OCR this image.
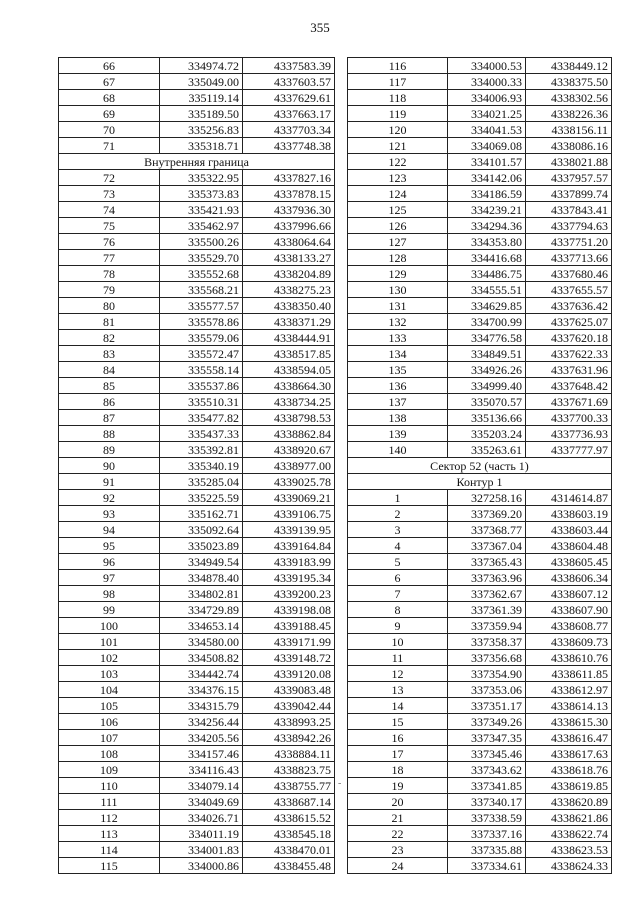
355
66	334974.72	4337583.39
67	335049.00	4337603.57
68	335119.14	4337629.61
69	335189.50	4337663.17
70	335256.83	4337703.34
71	335318.71	4337748.38
Внутренняя граница		
72	335322.95	4337827.16
73	335373.83	4337878.15
74	335421.93	4337936.30
75	335462.97	4337996.66
76	335500.26	4338064.64
77	335529.70	4338133.27
78	335552.68	4338204.89
79	335568.21	4338275.23
80	335577.57	4338350.40
81	335578.86	4338371.29
82	335579.06	4338444.91
83	335572.47	4338517.85
84	335558.14	4338594.05
85	335537.86	4338664.30
86	335510.31	4338734.25
87	335477.82	4338798.53
88	335437.33	4338862.84
89	335392.81	4338920.67
90	335340.19	4338977.00
91	335285.04	4339025.78
92	335225.59	4339069.21
93	335162.71	4339106.75
94	335092.64	4339139.95
95	335023.89	4339164.84
96	334949.54	4339183.99
97	334878.40	4339195.34
98	334802.81	4339200.23
99	334729.89	4339198.08
100	334653.14	4339188.45
101	334580.00	4339171.99
102	334508.82	4339148.72
103	334442.74	4339120.08
104	334376.15	4339083.48
105	334315.79	4339042.44
106	334256.44	4338993.25
107	334205.56	4338942.26
108	334157.46	4338884.11
109	334116.43	4338823.75
110	334079.14	4338755.77
111	334049.69	4338687.14
112	334026.71	4338615.52
113	334011.19	4338545.18
114	334001.83	4338470.01
115	334000.86	4338455.48
116	334000.53	4338449.12
117	334000.33	4338375.50
118	334006.93	4338302.56
119	334021.25	4338226.36
120	334041.53	4338156.11
121	334069.08	4338086.16
122	334101.57	4338021.88
123	334142.06	4337957.57
124	334186.59	4337899.74
125	334239.21	4337843.41
126	334294.36	4337794.63
127	334353.80	4337751.20
128	334416.68	4337713.66
129	334486.75	4337680.46
130	334555.51	4337655.57
131	334629.85	4337636.42
132	334700.99	4337625.07
133	334776.58	4337620.18
134	334849.51	4337622.33
135	334926.26	4337631.96
136	334999.40	4337648.42
137	335070.57	4337671.69
138	335136.66	4337700.33
139	335203.24	4337736.93
140	335263.61	4337777.97
Сектор 52 (часть 1)		
Контур 1		
1	327258.16	4314614.87
2	337369.20	4338603.19
3	337368.77	4338603.44
4	337367.04	4338604.48
5	337365.43	4338605.45
6	337363.96	4338606.34
7	337362.67	4338607.12
8	337361.39	4338607.90
9	337359.94	4338608.77
10	337358.37	4338609.73
11	337356.68	4338610.76
12	337354.90	4338611.85
13	337353.06	4338612.97
14	337351.17	4338614.13
15	337349.26	4338615.30
16	337347.35	4338616.47
17	337345.46	4338617.63
18	337343.62	4338618.76
19	337341.85	4338619.85
20	337340.17	4338620.89
21	337338.59	4338621.86
22	337337.16	4338622.74
23	337335.88	4338623.53
24	337334.61	4338624.33
-
